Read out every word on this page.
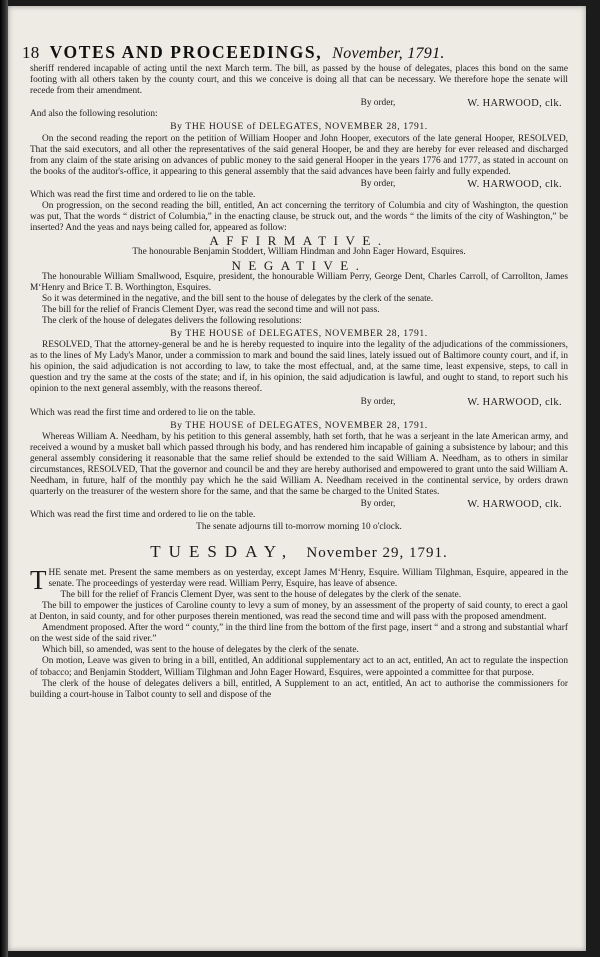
18 VOTES AND PROCEEDINGS, November, 1791.

sheriff rendered incapable of acting until the next March term. The bill, as passed by the house of delegates, places this bond on the same footing with all others taken by the county court, and this we conceive is doing all that can be necessary. We therefore hope the senate will recede from their amendment.

By order,	W. HARWOOD, clk.

And also the following resolution:

By THE HOUSE of DELEGATES, NOVEMBER 28, 1791.

On the second reading the report on the petition of William Hooper and John Hooper, executors of the late general Hooper, RESOLVED, That the said executors, and all other the representatives of the said general Hooper, be and they are hereby for ever released and discharged from any claim of the state arising on advances of public money to the said general Hooper in the years 1776 and 1777, as stated in account on the books of the auditor's-office, it appearing to this general assembly that the said advances have been fairly and fully expended.

By order,	W. HARWOOD, clk.

Which was read the first time and ordered to lie on the table.

On progression, on the second reading the bill, entitled, An act concerning the territory of Columbia and city of Washington, the question was put, That the words “ district of Columbia,” in the enacting clause, be struck out, and the words “ the limits of the city of Washington,” be inserted? And the yeas and nays being called for, appeared as follow:

AFFIRMATIVE.

The honourable Benjamin Stoddert, William Hindman and John Eager Howard, Esquires.

NEGATIVE.

The honourable William Smallwood, Esquire, president, the honourable William Perry, George Dent, Charles Carroll, of Carrollton, James M‘Henry and Brice T. B. Worthington, Esquires.

So it was determined in the negative, and the bill sent to the house of delegates by the clerk of the senate.

The bill for the relief of Francis Clement Dyer, was read the second time and will not pass.

The clerk of the house of delegates delivers the following resolutions:

By THE HOUSE of DELEGATES, NOVEMBER 28, 1791.

RESOLVED, That the attorney-general be and he is hereby requested to inquire into the legality of the adjudications of the commissioners, as to the lines of My Lady's Manor, under a commission to mark and bound the said lines, lately issued out of Baltimore county court, and if, in his opinion, the said adjudication is not according to law, to take the most effectual, and, at the same time, least expensive, steps, to call in question and try the same at the costs of the state; and if, in his opinion, the said adjudication is lawful, and ought to stand, to report such his opinion to the next general assembly, with the reasons thereof.

By order,	W. HARWOOD, clk.

Which was read the first time and ordered to lie on the table.

By THE HOUSE of DELEGATES, NOVEMBER 28, 1791.

Whereas William A. Needham, by his petition to this general assembly, hath set forth, that he was a serjeant in the late American army, and received a wound by a musket ball which passed through his body, and has rendered him incapable of gaining a subsistence by labour; and this general assembly considering it reasonable that the same relief should be extended to the said William A. Needham, as to others in similar circumstances, RESOLVED, That the governor and council be and they are hereby authorised and empowered to grant unto the said William A. Needham, in future, half of the monthly pay which he the said William A. Needham received in the continental service, by orders drawn quarterly on the treasurer of the western shore for the same, and that the same be charged to the United States.

By order,	W. HARWOOD, clk.

Which was read the first time and ordered to lie on the table.

The senate adjourns till to-morrow morning 10 o'clock.

TUESDAY, November 29, 1791.

THE senate met. Present the same members as on yesterday, except James M‘Henry, Esquire. William Tilghman, Esquire, appeared in the senate. The proceedings of yesterday were read. William Perry, Esquire, has leave of absence.

The bill for the relief of Francis Clement Dyer, was sent to the house of delegates by the clerk of the senate.

The bill to empower the justices of Caroline county to levy a sum of money, by an assessment of the property of said county, to erect a gaol at Denton, in said county, and for other purposes therein mentioned, was read the second time and will pass with the proposed amendment.

Amendment proposed. After the word “ county,” in the third line from the bottom of the first page, insert “ and a strong and substantial wharf on the west side of the said river.”

Which bill, so amended, was sent to the house of delegates by the clerk of the senate.

On motion, Leave was given to bring in a bill, entitled, An additional supplementary act to an act, entitled, An act to regulate the inspection of tobacco; and Benjamin Stoddert, William Tilghman and John Eager Howard, Esquires, were appointed a committee for that purpose.

The clerk of the house of delegates delivers a bill, entitled, A Supplement to an act, entitled, An act to authorise the commissioners for building a court-house in Talbot county to sell and dispose of the
